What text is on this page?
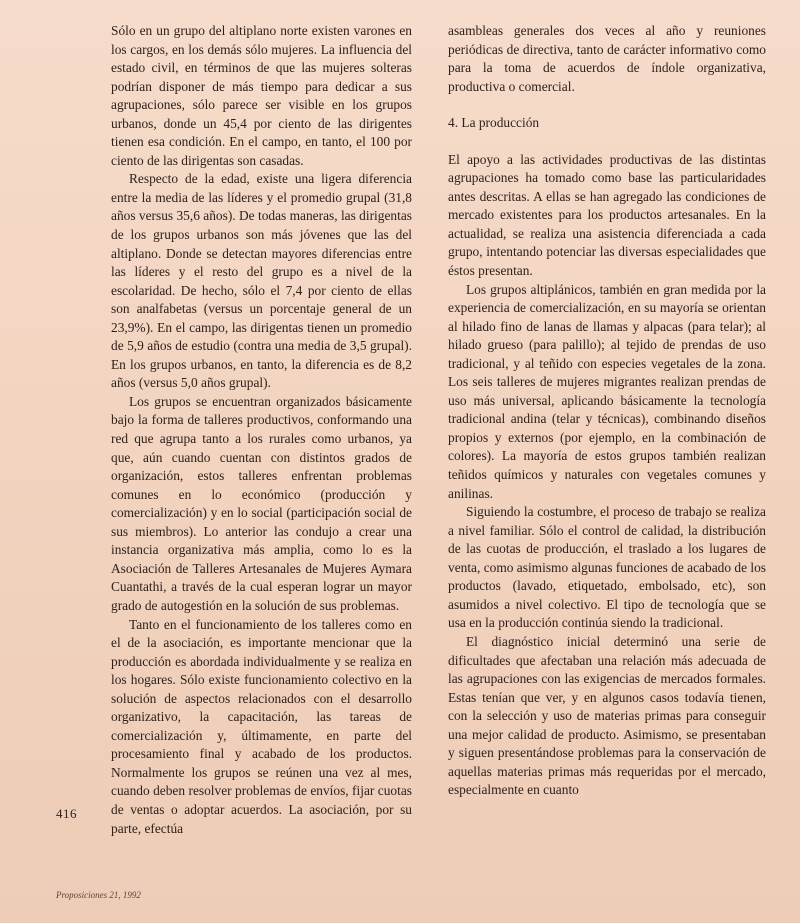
Sólo en un grupo del altiplano norte existen varones en los cargos, en los demás sólo mujeres. La influencia del estado civil, en términos de que las mujeres solteras podrían disponer de más tiempo para dedicar a sus agrupaciones, sólo parece ser visible en los grupos urbanos, donde un 45,4 por ciento de las dirigentes tienen esa condición. En el campo, en tanto, el 100 por ciento de las dirigentas son casadas.

Respecto de la edad, existe una ligera diferencia entre la media de las líderes y el promedio grupal (31,8 años versus 35,6 años). De todas maneras, las dirigentas de los grupos urbanos son más jóvenes que las del altiplano. Donde se detectan mayores diferencias entre las líderes y el resto del grupo es a nivel de la escolaridad. De hecho, sólo el 7,4 por ciento de ellas son analfabetas (versus un porcentaje general de un 23,9%). En el campo, las dirigentas tienen un promedio de 5,9 años de estudio (contra una media de 3,5 grupal). En los grupos urbanos, en tanto, la diferencia es de 8,2 años (versus 5,0 años grupal).

Los grupos se encuentran organizados básicamente bajo la forma de talleres productivos, conformando una red que agrupa tanto a los rurales como urbanos, ya que, aún cuando cuentan con distintos grados de organización, estos talleres enfrentan problemas comunes en lo económico (producción y comercialización) y en lo social (participación social de sus miembros). Lo anterior las condujo a crear una instancia organizativa más amplia, como lo es la Asociación de Talleres Artesanales de Mujeres Aymara Cuantathi, a través de la cual esperan lograr un mayor grado de autogestión en la solución de sus problemas.

Tanto en el funcionamiento de los talleres como en el de la asociación, es importante mencionar que la producción es abordada individualmente y se realiza en los hogares. Sólo existe funcionamiento colectivo en la solución de aspectos relacionados con el desarrollo organizativo, la capacitación, las tareas de comercialización y, últimamente, en parte del procesamiento final y acabado de los productos. Normalmente los grupos se reúnen una vez al mes, cuando deben resolver problemas de envíos, fijar cuotas de ventas o adoptar acuerdos. La asociación, por su parte, efectúa

asambleas generales dos veces al año y reuniones periódicas de directiva, tanto de carácter informativo como para la toma de acuerdos de índole organizativa, productiva o comercial.

4. La producción

El apoyo a las actividades productivas de las distintas agrupaciones ha tomado como base las particularidades antes descritas. A ellas se han agregado las condiciones de mercado existentes para los productos artesanales. En la actualidad, se realiza una asistencia diferenciada a cada grupo, intentando potenciar las diversas especialidades que éstos presentan.

Los grupos altiplánicos, también en gran medida por la experiencia de comercialización, en su mayoría se orientan al hilado fino de lanas de llamas y alpacas (para telar); al hilado grueso (para palillo); al tejido de prendas de uso tradicional, y al teñido con especies vegetales de la zona. Los seis talleres de mujeres migrantes realizan prendas de uso más universal, aplicando básicamente la tecnología tradicional andina (telar y técnicas), combinando diseños propios y externos (por ejemplo, en la combinación de colores). La mayoría de estos grupos también realizan teñidos químicos y naturales con vegetales comunes y anilinas.

Siguiendo la costumbre, el proceso de trabajo se realiza a nivel familiar. Sólo el control de calidad, la distribución de las cuotas de producción, el traslado a los lugares de venta, como asimismo algunas funciones de acabado de los productos (lavado, etiquetado, embolsado, etc), son asumidos a nivel colectivo. El tipo de tecnología que se usa en la producción continúa siendo la tradicional.

El diagnóstico inicial determinó una serie de dificultades que afectaban una relación más adecuada de las agrupaciones con las exigencias de mercados formales. Estas tenían que ver, y en algunos casos todavía tienen, con la selección y uso de materias primas para conseguir una mejor calidad de producto. Asimismo, se presentaban y siguen presentándose problemas para la conservación de aquellas materias primas más requeridas por el mercado, especialmente en cuanto

416
Proposiciones 21, 1992
